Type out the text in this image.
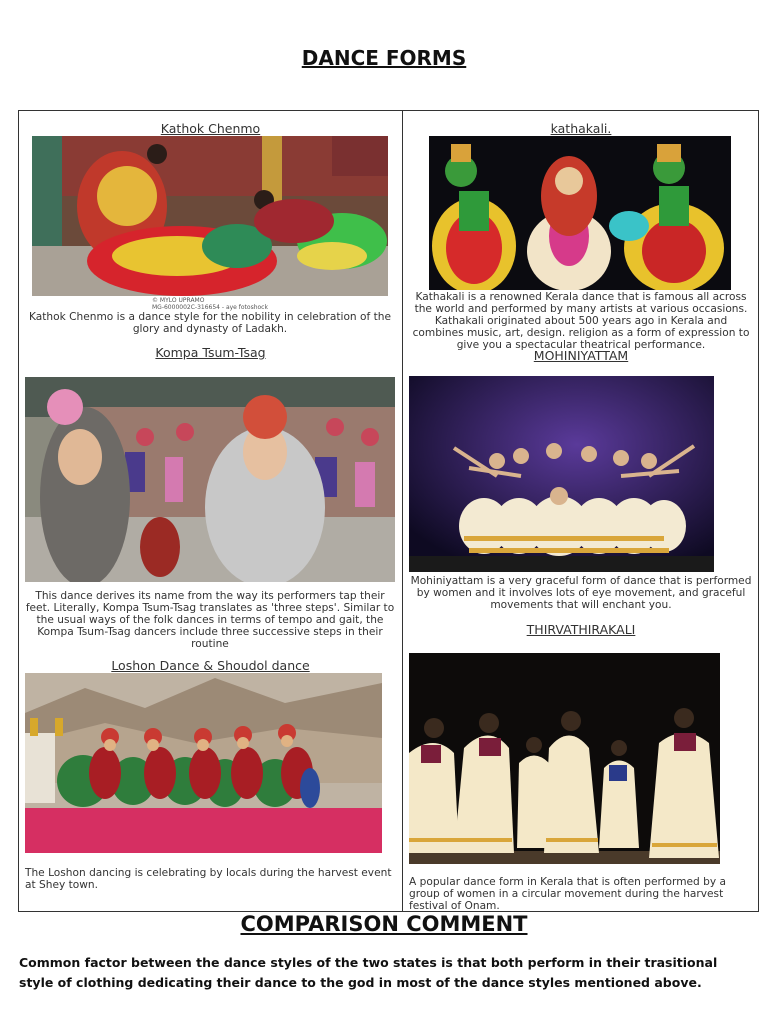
DANCE FORMS
Kathok Chenmo
© MYLO UPRAMO
MG-6000002C-316654 - aye fotoshock
Kathok Chenmo is a dance style for the nobility in celebration of the glory and dynasty of Ladakh.
Kompa Tsum-Tsag
This dance derives its name from the way its performers tap their feet. Literally, Kompa Tsum-Tsag translates as 'three steps'. Similar to the usual ways of the folk dances in terms of tempo and gait, the Kompa Tsum-Tsag dancers include three successive steps in their routine
Loshon Dance & Shoudol dance
The Loshon dancing is celebrating by locals during the harvest event at Shey town.
kathakali.
Kathakali is a renowned Kerala dance that is famous all across the world and performed by many artists at various occasions. Kathakali originated about 500 years ago in Kerala and combines music, art, design. religion as a form of expression to give you a spectacular theatrical performance.
MOHINIYATTAM
Mohiniyattam is a very graceful form of dance that is performed by women and it involves lots of eye movement, and graceful movements that will enchant you.
THIRVATHIRAKALI
A popular dance form in Kerala that is often performed by a group of women in a circular movement during the harvest festival of Onam.
COMPARISON COMMENT
Common factor between the dance styles of the two states is that both perform in their trasitional style of clothing dedicating their dance to the god in most of the dance styles mentioned above.
